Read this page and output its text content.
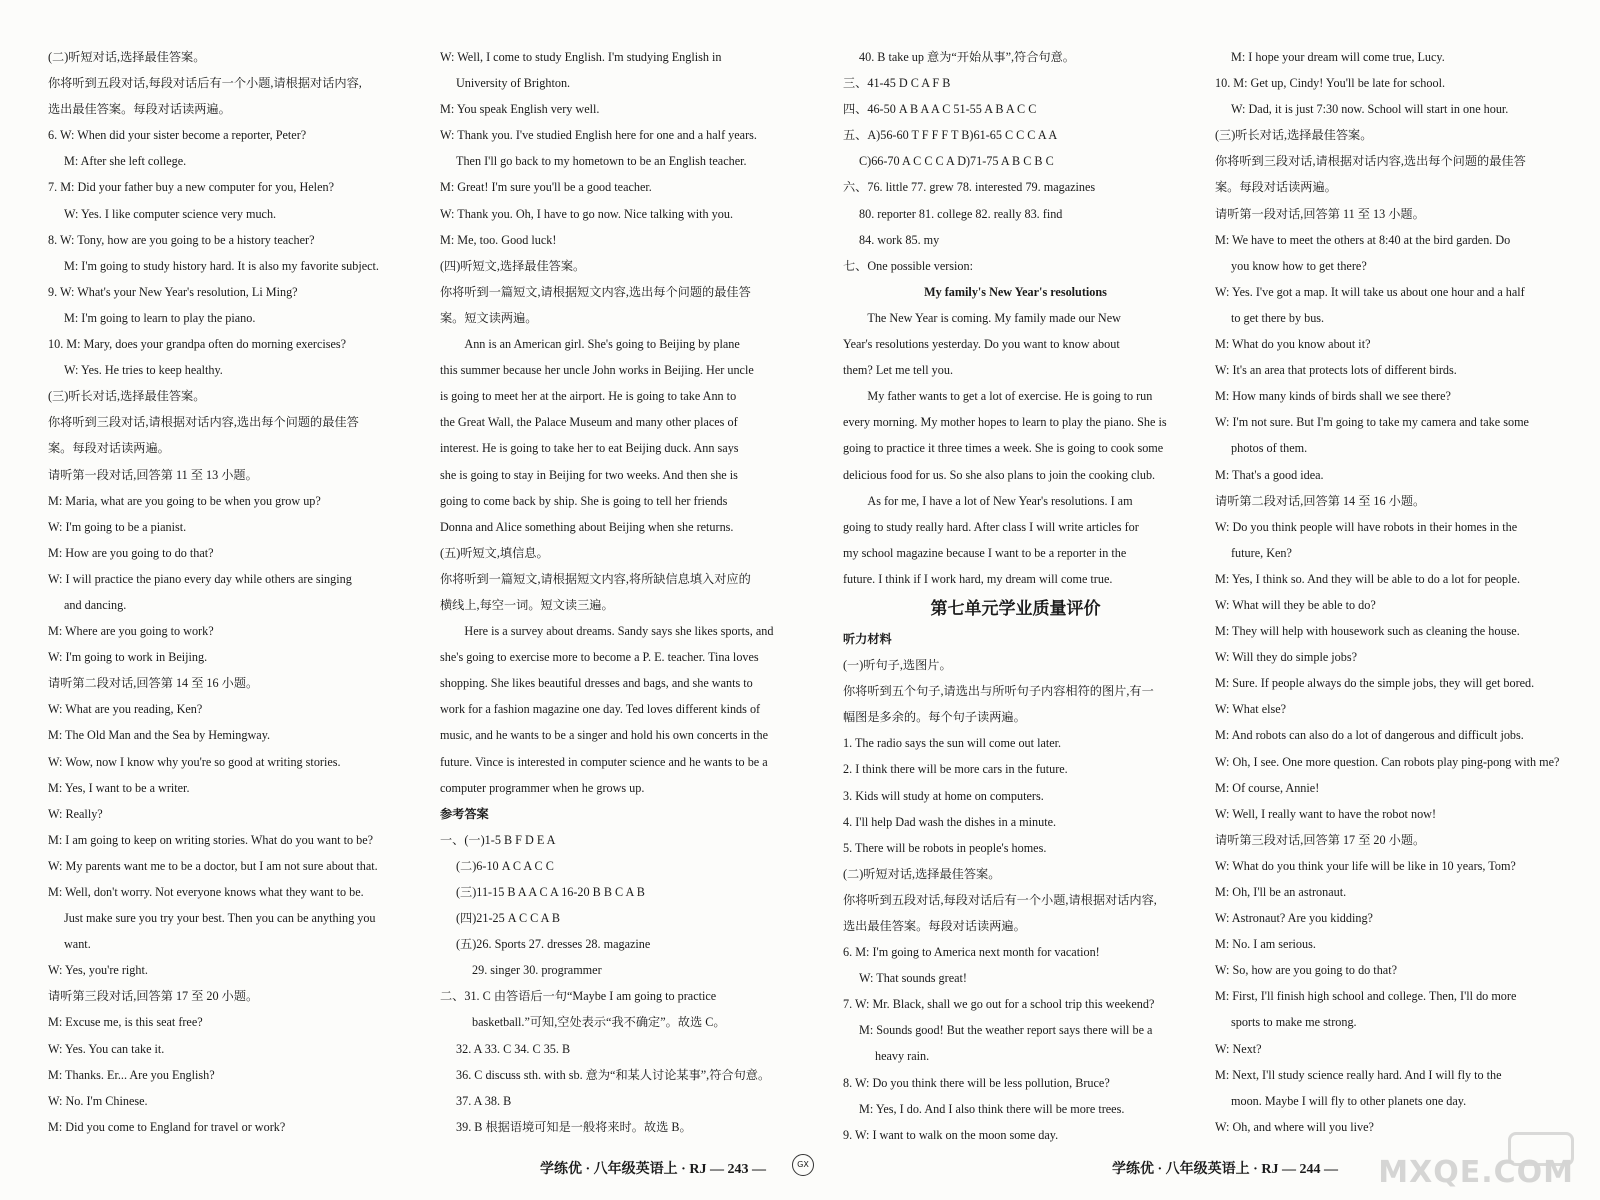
(二)听短对话,选择最佳答案。
你将听到五段对话,每段对话后有一个小题,请根据对话内容,
选出最佳答案。每段对话读两遍。
6. W: When did your sister become a reporter, Peter?
M: After she left college.
7. M: Did your father buy a new computer for you, Helen?
W: Yes. I like computer science very much.
8. W: Tony, how are you going to be a history teacher?
M: I'm going to study history hard. It is also my favorite subject.
9. W: What's your New Year's resolution, Li Ming?
M: I'm going to learn to play the piano.
10. M: Mary, does your grandpa often do morning exercises?
W: Yes. He tries to keep healthy.
(三)听长对话,选择最佳答案。
你将听到三段对话,请根据对话内容,选出每个问题的最佳答
案。每段对话读两遍。
请听第一段对话,回答第 11 至 13 小题。
M: Maria, what are you going to be when you grow up?
W: I'm going to be a pianist.
M: How are you going to do that?
W: I will practice the piano every day while others are singing
and dancing.
M: Where are you going to work?
W: I'm going to work in Beijing.
请听第二段对话,回答第 14 至 16 小题。
W: What are you reading, Ken?
M: The Old Man and the Sea by Hemingway.
W: Wow, now I know why you're so good at writing stories.
M: Yes, I want to be a writer.
W: Really?
M: I am going to keep on writing stories. What do you want to be?
W: My parents want me to be a doctor, but I am not sure about that.
M: Well, don't worry. Not everyone knows what they want to be.
Just make sure you try your best. Then you can be anything you
want.
W: Yes, you're right.
请听第三段对话,回答第 17 至 20 小题。
M: Excuse me, is this seat free?
W: Yes. You can take it.
M: Thanks. Er... Are you English?
W: No. I'm Chinese.
M: Did you come to England for travel or work?
W: Well, I come to study English. I'm studying English in
University of Brighton.
M: You speak English very well.
W: Thank you. I've studied English here for one and a half years.
Then I'll go back to my hometown to be an English teacher.
M: Great! I'm sure you'll be a good teacher.
W: Thank you. Oh, I have to go now. Nice talking with you.
M: Me, too. Good luck!
(四)听短文,选择最佳答案。
你将听到一篇短文,请根据短文内容,选出每个问题的最佳答
案。短文读两遍。
Ann is an American girl. She's going to Beijing by plane
this summer because her uncle John works in Beijing. Her uncle
is going to meet her at the airport. He is going to take Ann to
the Great Wall, the Palace Museum and many other places of
interest. He is going to take her to eat Beijing duck. Ann says
she is going to stay in Beijing for two weeks. And then she is
going to come back by ship. She is going to tell her friends
Donna and Alice something about Beijing when she returns.
(五)听短文,填信息。
你将听到一篇短文,请根据短文内容,将所缺信息填入对应的
横线上,每空一词。短文读三遍。
Here is a survey about dreams. Sandy says she likes sports, and
she's going to exercise more to become a P. E. teacher. Tina loves
shopping. She likes beautiful dresses and bags, and she wants to
work for a fashion magazine one day. Ted loves different kinds of
music, and he wants to be a singer and hold his own concerts in the
future. Vince is interested in computer science and he wants to be a
computer programmer when he grows up.
参考答案
一、(一)1-5 B F D E A
(二)6-10 A C A C C
(三)11-15 B A A C A 16-20 B B C A B
(四)21-25 A C C A B
(五)26. Sports 27. dresses 28. magazine
29. singer 30. programmer
二、31. C 由答语后一句“Maybe I am going to practice
basketball.”可知,空处表示“我不确定”。故选 C。
32. A 33. C 34. C 35. B
36. C discuss sth. with sb. 意为“和某人讨论某事”,符合句意。
37. A 38. B
39. B 根据语境可知是一般将来时。故选 B。
40. B take up 意为“开始从事”,符合句意。
三、41-45 D C A F B
四、46-50 A B A A C 51-55 A B A C C
五、A)56-60 T F F F T B)61-65 C C C A A
C)66-70 A C C C A D)71-75 A B C B C
六、76. little 77. grew 78. interested 79. magazines
80. reporter 81. college 82. really 83. find
84. work 85. my
七、One possible version:
My family's New Year's resolutions
The New Year is coming. My family made our New
Year's resolutions yesterday. Do you want to know about
them? Let me tell you.
My father wants to get a lot of exercise. He is going to run
every morning. My mother hopes to learn to play the piano. She is
going to practice it three times a week. She is going to cook some
delicious food for us. So she also plans to join the cooking club.
As for me, I have a lot of New Year's resolutions. I am
going to study really hard. After class I will write articles for
my school magazine because I want to be a reporter in the
future. I think if I work hard, my dream will come true.
第七单元学业质量评价
听力材料
(一)听句子,选图片。
你将听到五个句子,请选出与所听句子内容相符的图片,有一
幅图是多余的。每个句子读两遍。
1. The radio says the sun will come out later.
2. I think there will be more cars in the future.
3. Kids will study at home on computers.
4. I'll help Dad wash the dishes in a minute.
5. There will be robots in people's homes.
(二)听短对话,选择最佳答案。
你将听到五段对话,每段对话后有一个小题,请根据对话内容,
选出最佳答案。每段对话读两遍。
6. M: I'm going to America next month for vacation!
W: That sounds great!
7. W: Mr. Black, shall we go out for a school trip this weekend?
M: Sounds good! But the weather report says there will be a
heavy rain.
8. W: Do you think there will be less pollution, Bruce?
M: Yes, I do. And I also think there will be more trees.
9. W: I want to walk on the moon some day.
M: I hope your dream will come true, Lucy.
10. M: Get up, Cindy! You'll be late for school.
W: Dad, it is just 7:30 now. School will start in one hour.
(三)听长对话,选择最佳答案。
你将听到三段对话,请根据对话内容,选出每个问题的最佳答
案。每段对话读两遍。
请听第一段对话,回答第 11 至 13 小题。
M: We have to meet the others at 8:40 at the bird garden. Do
you know how to get there?
W: Yes. I've got a map. It will take us about one hour and a half
to get there by bus.
M: What do you know about it?
W: It's an area that protects lots of different birds.
M: How many kinds of birds shall we see there?
W: I'm not sure. But I'm going to take my camera and take some
photos of them.
M: That's a good idea.
请听第二段对话,回答第 14 至 16 小题。
W: Do you think people will have robots in their homes in the
future, Ken?
M: Yes, I think so. And they will be able to do a lot for people.
W: What will they be able to do?
M: They will help with housework such as cleaning the house.
W: Will they do simple jobs?
M: Sure. If people always do the simple jobs, they will get bored.
W: What else?
M: And robots can also do a lot of dangerous and difficult jobs.
W: Oh, I see. One more question. Can robots play ping-pong with me?
M: Of course, Annie!
W: Well, I really want to have the robot now!
请听第三段对话,回答第 17 至 20 小题。
W: What do you think your life will be like in 10 years, Tom?
M: Oh, I'll be an astronaut.
W: Astronaut? Are you kidding?
M: No. I am serious.
W: So, how are you going to do that?
M: First, I'll finish high school and college. Then, I'll do more
sports to make me strong.
W: Next?
M: Next, I'll study science really hard. And I will fly to the
moon. Maybe I will fly to other planets one day.
W: Oh, and where will you live?
学练优 · 八年级英语上 · RJ — 243 —	GX	学练优 · 八年级英语上 · RJ — 244 — MXQE.COM
